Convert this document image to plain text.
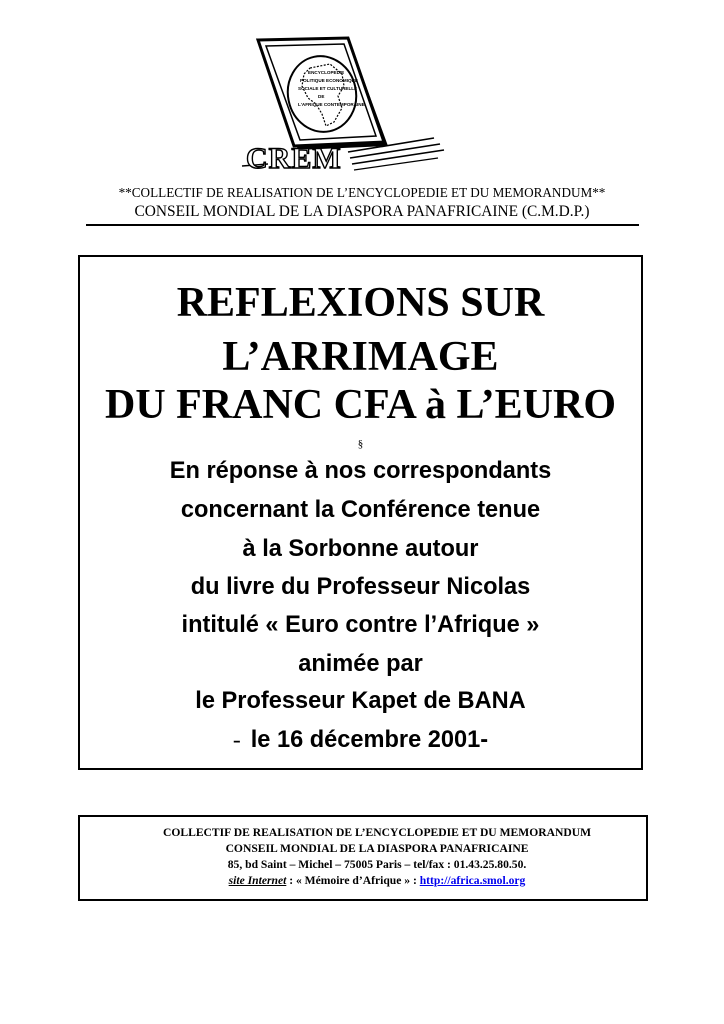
ENCYCLOPEDIE
POLITIQUE ECONOMIQUE
SOCIALE ET CULTURELLE
DE
L'AFRIQUE CONTEMPORAINE
CREM
**COLLECTIF DE REALISATION DE L’ENCYCLOPEDIE ET DU MEMORANDUM**
CONSEIL MONDIAL DE LA DIASPORA PANAFRICAINE (C.M.D.P.)
REFLEXIONS SUR
L’ARRIMAGE
DU FRANC CFA à L’EURO
§

En réponse à nos correspondants

concernant la Conférence tenue

à la Sorbonne autour

du livre du Professeur Nicolas

intitulé « Euro contre l’Afrique »

animée par

le Professeur Kapet de BANA

- le 16 décembre 2001-

COLLECTIF DE REALISATION DE L’ENCYCLOPEDIE ET DU MEMORANDUM
CONSEIL MONDIAL DE LA DIASPORA PANAFRICAINE
85, bd Saint – Michel – 75005 Paris – tel/fax : 01.43.25.80.50.
site Internet : « Mémoire d’Afrique » : http://africa.smol.org
